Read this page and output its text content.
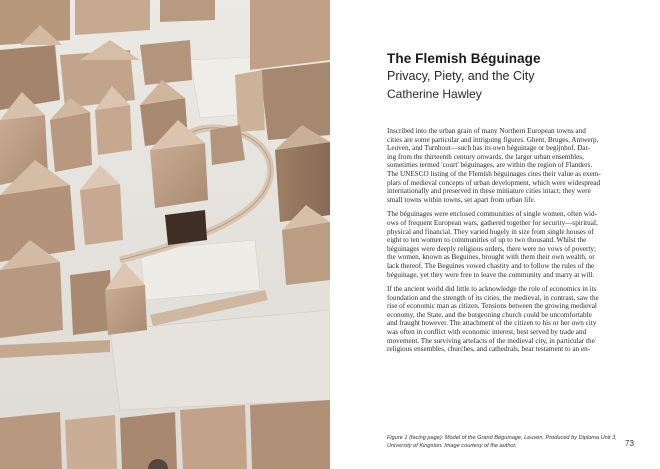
The Flemish Béguinage
Privacy, Piety, and the City
Catherine Hawley
Inscribed into the urban grain of many Northern European towns and
cities are some particular and intriguing figures. Ghent, Bruges, Antwerp,
Leuven, and Turnhout—such has its own béguinage or begijnhof. Dat-
ing from the thirteenth century onwards, the larger urban ensembles,
sometimes termed 'court' béguinages, are within the region of Flanders.
The UNESCO listing of the Flemish béguinages cites their value as exem-
plars of medieval concepts of urban development, which were widespread
internationally and preserved in these miniature cities intact; they were
small towns within towns, set apart from urban life.
The béguinages were enclosed communities of single women, often wid-
ows of frequent European wars, gathered together for security—spiritual,
physical and financial. They varied hugely in size from single houses of
eight to ten women to communities of up to two thousand. Whilst the
béguinages were deeply religious orders, there were no vows of poverty;
the women, known as Beguines, brought with them their own wealth, or
lack thereof. The Beguines vowed chastity and to follow the rules of the
béguinage, yet they were free to leave the community and marry at will.
If the ancient world did little to acknowledge the role of economics in its
foundation and the strength of its cities, the medieval, in contrast, saw the
rise of economic man as citizen. Tensions between the growing medieval
economy, the State, and the burgeoning church could be uncomfortable
and fraught however. The attachment of the citizen to his or her own city
was often in conflict with economic interest, best served by trade and
movement. The surviving artefacts of the medieval city, in particular the
religious ensembles, churches, and cathedrals, bear testament to an en-
Figure 1 (facing page): Model of the Grand Béguinage, Leuven. Produced by Diploma Unit 3,
University of Kingston. Image courtesy of the author.	73
